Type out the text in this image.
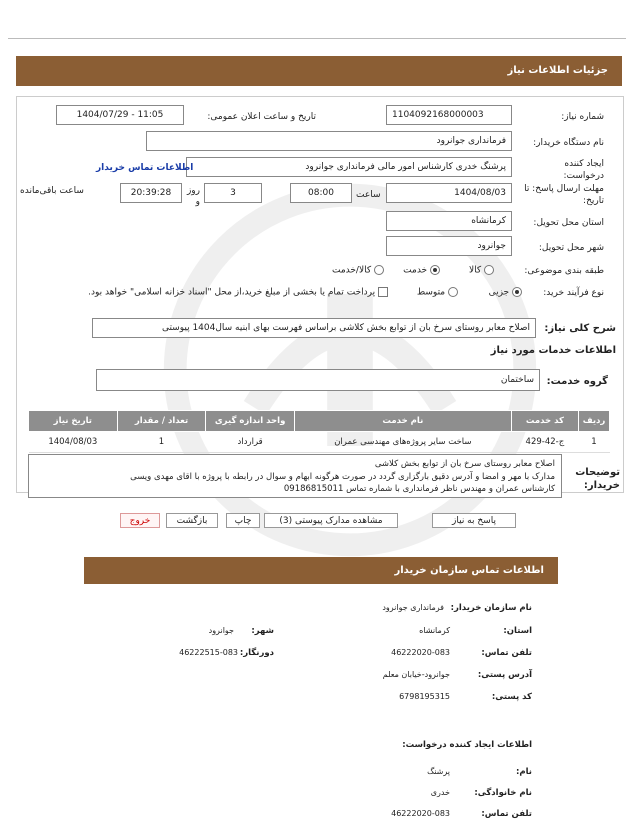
جزئیات اطلاعات نیاز
شماره نیاز:
1104092168000003
تاریخ و ساعت اعلان عمومی:
1404/07/29 - 11:05
نام دستگاه خریدار:
فرمانداری جوانرود
ایجاد کننده درخواست:
پرشنگ خدری کارشناس امور مالی فرمانداری جوانرود
اطلاعات تماس خریدار
مهلت ارسال پاسخ: تا تاریخ:
1404/08/03
ساعت
08:00
3
روز و
20:39:28
ساعت باقی‌مانده
استان محل تحویل:
کرمانشاه
شهر محل تحویل:
جوانرود
طبقه بندی موضوعی:
کالا
خدمت
کالا/خدمت
نوع فرآیند خرید:
جزیی
متوسط
پرداخت تمام یا بخشی از مبلغ خرید،از محل "اسناد خزانه اسلامی" خواهد بود.
شرح کلی نیاز:
اصلاح معابر روستای سرخ بان از توابع بخش کلاشی براساس فهرست بهای ابنیه سال1404 پیوستی
اطلاعات خدمات مورد نیاز
گروه خدمت:
ساختمان
ردیف	کد خدمت	نام خدمت	واحد اندازه گیری	تعداد / مقدار	تاریخ نیاز
1	ج-42-429	ساخت سایر پروژه‌های مهندسی عمران	قرارداد	1	1404/08/03
توضیحات خریدار:
اصلاح معابر روستای سرخ بان از توابع بخش کلاشی
مدارک با مهر و امضا و آدرس دقیق بارگزاری گردد در صورت هرگونه ابهام و سوال در رابطه با پروژه با اقای مهدی ویسی
کارشناس عمران و مهندس ناظر فرمانداری با شماره تماس 09186815011
پاسخ به نیاز
مشاهده مدارک پیوستی (3)
چاپ
بازگشت
خروج
اطلاعات تماس سازمان خریدار
نام سازمان خریدار:
فرمانداری جوانرود
استان:
کرمانشاه
شهر:
جوانرود
تلفن تماس:
46222020-083
دورنگار:
46222515-083
آدرس پستی:
جوانرود-خیابان معلم
کد پستی:
6798195315
اطلاعات ایجاد کننده درخواست:
نام:
پرشنگ
نام خانوادگی:
خدری
تلفن تماس:
46222020-083
